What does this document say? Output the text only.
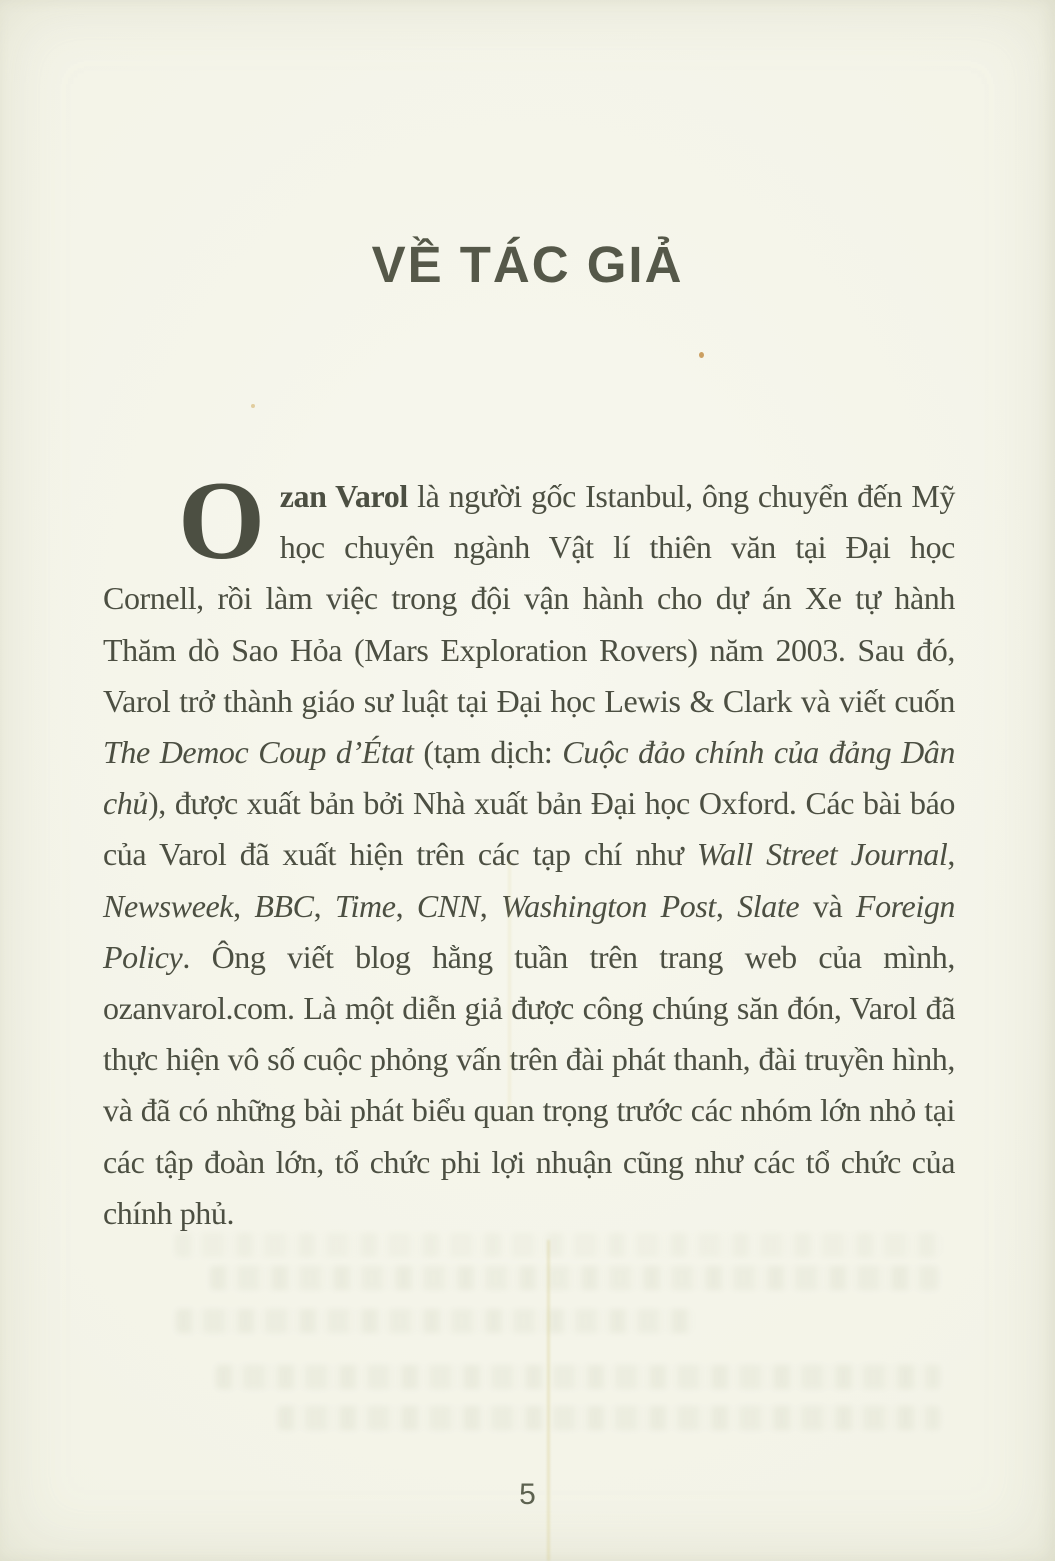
VỀ TÁC GIẢ

Ozan Varol là người gốc Istanbul, ông chuyển đến Mỹ học chuyên ngành Vật lí thiên văn tại Đại học Cornell, rồi làm việc trong đội vận hành cho dự án Xe tự hành Thăm dò Sao Hỏa (Mars Exploration Rovers) năm 2003. Sau đó, Varol trở thành giáo sư luật tại Đại học Lewis & Clark và viết cuốn The Democ Coup d’État (tạm dịch: Cuộc đảo chính của đảng Dân chủ), được xuất bản bởi Nhà xuất bản Đại học Oxford. Các bài báo của Varol đã xuất hiện trên các tạp chí như Wall Street Journal, Newsweek, BBC, Time, CNN, Washington Post, Slate và Foreign Policy. Ông viết blog hằng tuần trên trang web của mình, ozanvarol.com. Là một diễn giả được công chúng săn đón, Varol đã thực hiện vô số cuộc phỏng vấn trên đài phát thanh, đài truyền hình, và đã có những bài phát biểu quan trọng trước các nhóm lớn nhỏ tại các tập đoàn lớn, tổ chức phi lợi nhuận cũng như các tổ chức của chính phủ.

5
